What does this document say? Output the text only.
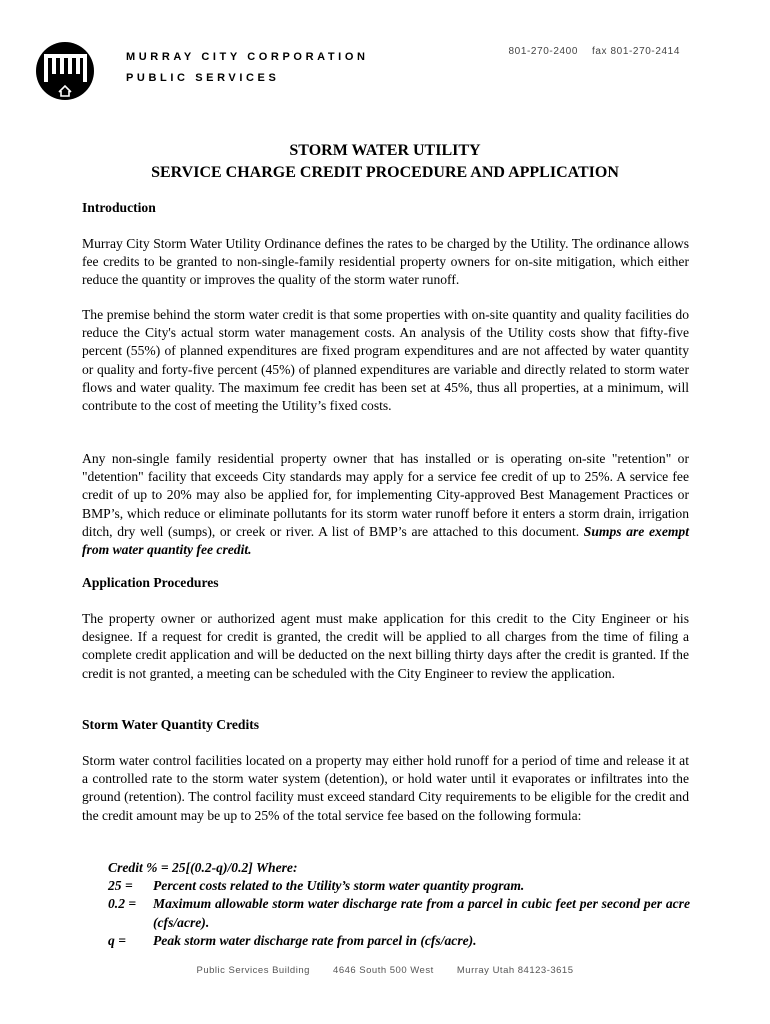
MURRAY CITY CORPORATION
PUBLIC SERVICES
801-270-2400 fax 801-270-2414
STORM WATER UTILITY
SERVICE CHARGE CREDIT PROCEDURE AND APPLICATION
Introduction
Murray City Storm Water Utility Ordinance defines the rates to be charged by the Utility. The ordinance allows fee credits to be granted to non-single-family residential property owners for on-site mitigation, which either reduce the quantity or improves the quality of the storm water runoff.
The premise behind the storm water credit is that some properties with on-site quantity and quality facilities do reduce the City's actual storm water management costs. An analysis of the Utility costs show that fifty-five percent (55%) of planned expenditures are fixed program expenditures and are not affected by water quantity or quality and forty-five percent (45%) of planned expenditures are variable and directly related to storm water flows and water quality. The maximum fee credit has been set at 45%, thus all properties, at a minimum, will contribute to the cost of meeting the Utility’s fixed costs.
Any non-single family residential property owner that has installed or is operating on-site "retention" or "detention" facility that exceeds City standards may apply for a service fee credit of up to 25%. A service fee credit of up to 20% may also be applied for, for implementing City-approved Best Management Practices or BMP’s, which reduce or eliminate pollutants for its storm water runoff before it enters a storm drain, irrigation ditch, dry well (sumps), or creek or river. A list of BMP’s are attached to this document. Sumps are exempt from water quantity fee credit.
Application Procedures
The property owner or authorized agent must make application for this credit to the City Engineer or his designee. If a request for credit is granted, the credit will be applied to all charges from the time of filing a complete credit application and will be deducted on the next billing thirty days after the credit is granted. If the credit is not granted, a meeting can be scheduled with the City Engineer to review the application.
Storm Water Quantity Credits
Storm water control facilities located on a property may either hold runoff for a period of time and release it at a controlled rate to the storm water system (detention), or hold water until it evaporates or infiltrates into the ground (retention). The control facility must exceed standard City requirements to be eligible for the credit and the credit amount may be up to 25% of the total service fee based on the following formula:
Credit % = 25[(0.2-q)/0.2] Where:
25 =	Percent costs related to the Utility’s storm water quantity program.
0.2 =	Maximum allowable storm water discharge rate from a parcel in cubic feet per second per acre (cfs/acre).
q =	Peak storm water discharge rate from parcel in (cfs/acre).
Public Services Building 4646 South 500 West Murray Utah 84123-3615
